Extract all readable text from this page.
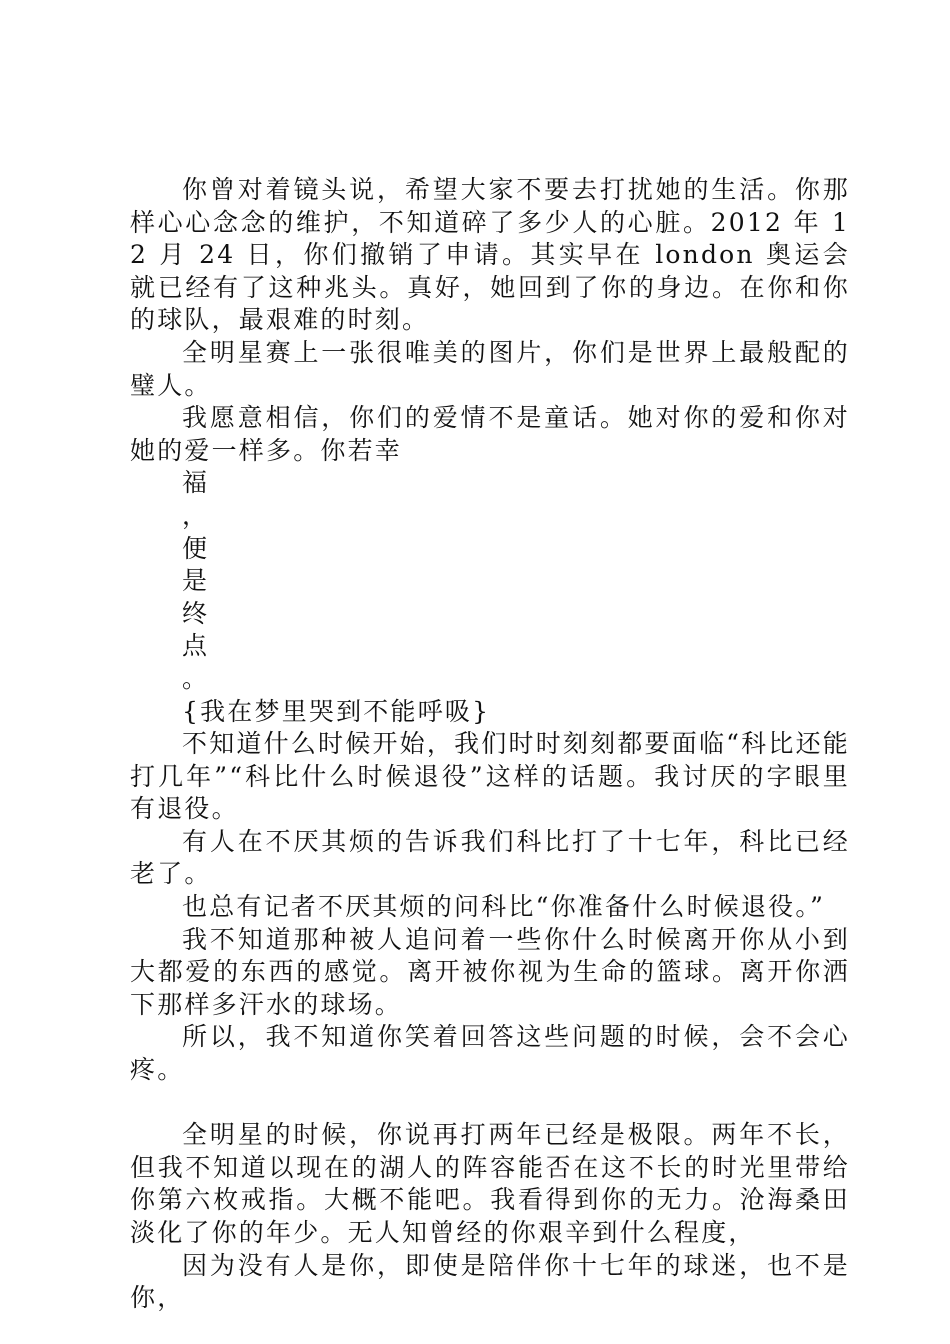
你曾对着镜头说，希望大家不要去打扰她的生活。你那样心心念念的维护，不知道碎了多少人的心脏。2012 年 12 月 24 日，你们撤销了申请。其实早在 london 奥运会就已经有了这种兆头。真好，她回到了你的身边。在你和你的球队，最艰难的时刻。

全明星赛上一张很唯美的图片，你们是世界上最般配的璧人。

我愿意相信，你们的爱情不是童话。她对你的爱和你对她的爱一样多。你若幸

福

，

便

是

终

点

。

{我在梦里哭到不能呼吸}

不知道什么时候开始，我们时时刻刻都要面临“科比还能打几年”“科比什么时候退役”这样的话题。我讨厌的字眼里有退役。

有人在不厌其烦的告诉我们科比打了十七年，科比已经老了。

也总有记者不厌其烦的问科比“你准备什么时候退役。”

我不知道那种被人追问着一些你什么时候离开你从小到大都爱的东西的感觉。离开被你视为生命的篮球。离开你洒下那样多汗水的球场。

所以，我不知道你笑着回答这些问题的时候，会不会心疼。

全明星的时候，你说再打两年已经是极限。两年不长，但我不知道以现在的湖人的阵容能否在这不长的时光里带给你第六枚戒指。大概不能吧。我看得到你的无力。沧海桑田淡化了你的年少。无人知曾经的你艰辛到什么程度，

因为没有人是你，即使是陪伴你十七年的球迷，也不是你，
